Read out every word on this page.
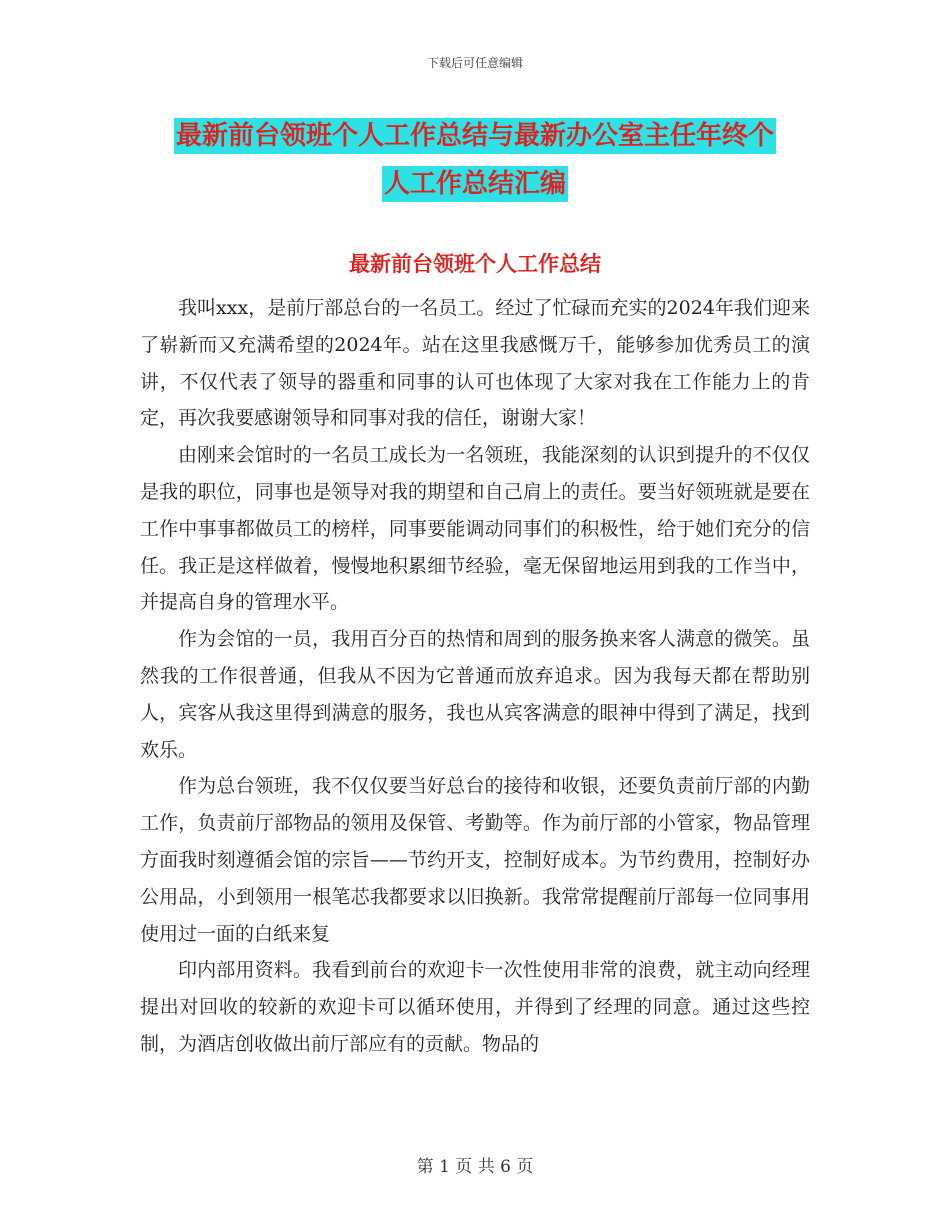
下载后可任意编辑
最新前台领班个人工作总结与最新办公室主任年终个
人工作总结汇编
最新前台领班个人工作总结

我叫xxx，是前厅部总台的一名员工。经过了忙碌而充实的2024年我们迎来了崭新而又充满希望的2024年。站在这里我感慨万千，能够参加优秀员工的演讲，不仅代表了领导的器重和同事的认可也体现了大家对我在工作能力上的肯定，再次我要感谢领导和同事对我的信任，谢谢大家！

由刚来会馆时的一名员工成长为一名领班，我能深刻的认识到提升的不仅仅是我的职位，同事也是领导对我的期望和自己肩上的责任。要当好领班就是要在工作中事事都做员工的榜样，同事要能调动同事们的积极性，给于她们充分的信任。我正是这样做着，慢慢地积累细节经验，毫无保留地运用到我的工作当中，并提高自身的管理水平。

作为会馆的一员，我用百分百的热情和周到的服务换来客人满意的微笑。虽然我的工作很普通，但我从不因为它普通而放弃追求。因为我每天都在帮助别人，宾客从我这里得到满意的服务，我也从宾客满意的眼神中得到了满足，找到欢乐。

作为总台领班，我不仅仅要当好总台的接待和收银，还要负责前厅部的内勤工作，负责前厅部物品的领用及保管、考勤等。作为前厅部的小管家，物品管理方面我时刻遵循会馆的宗旨——节约开支，控制好成本。为节约费用，控制好办公用品，小到领用一根笔芯我都要求以旧换新。我常常提醒前厅部每一位同事用使用过一面的白纸来复

印内部用资料。我看到前台的欢迎卡一次性使用非常的浪费，就主动向经理提出对回收的较新的欢迎卡可以循环使用，并得到了经理的同意。通过这些控制，为酒店创收做出前厅部应有的贡献。物品的

第 1 页 共 6 页
